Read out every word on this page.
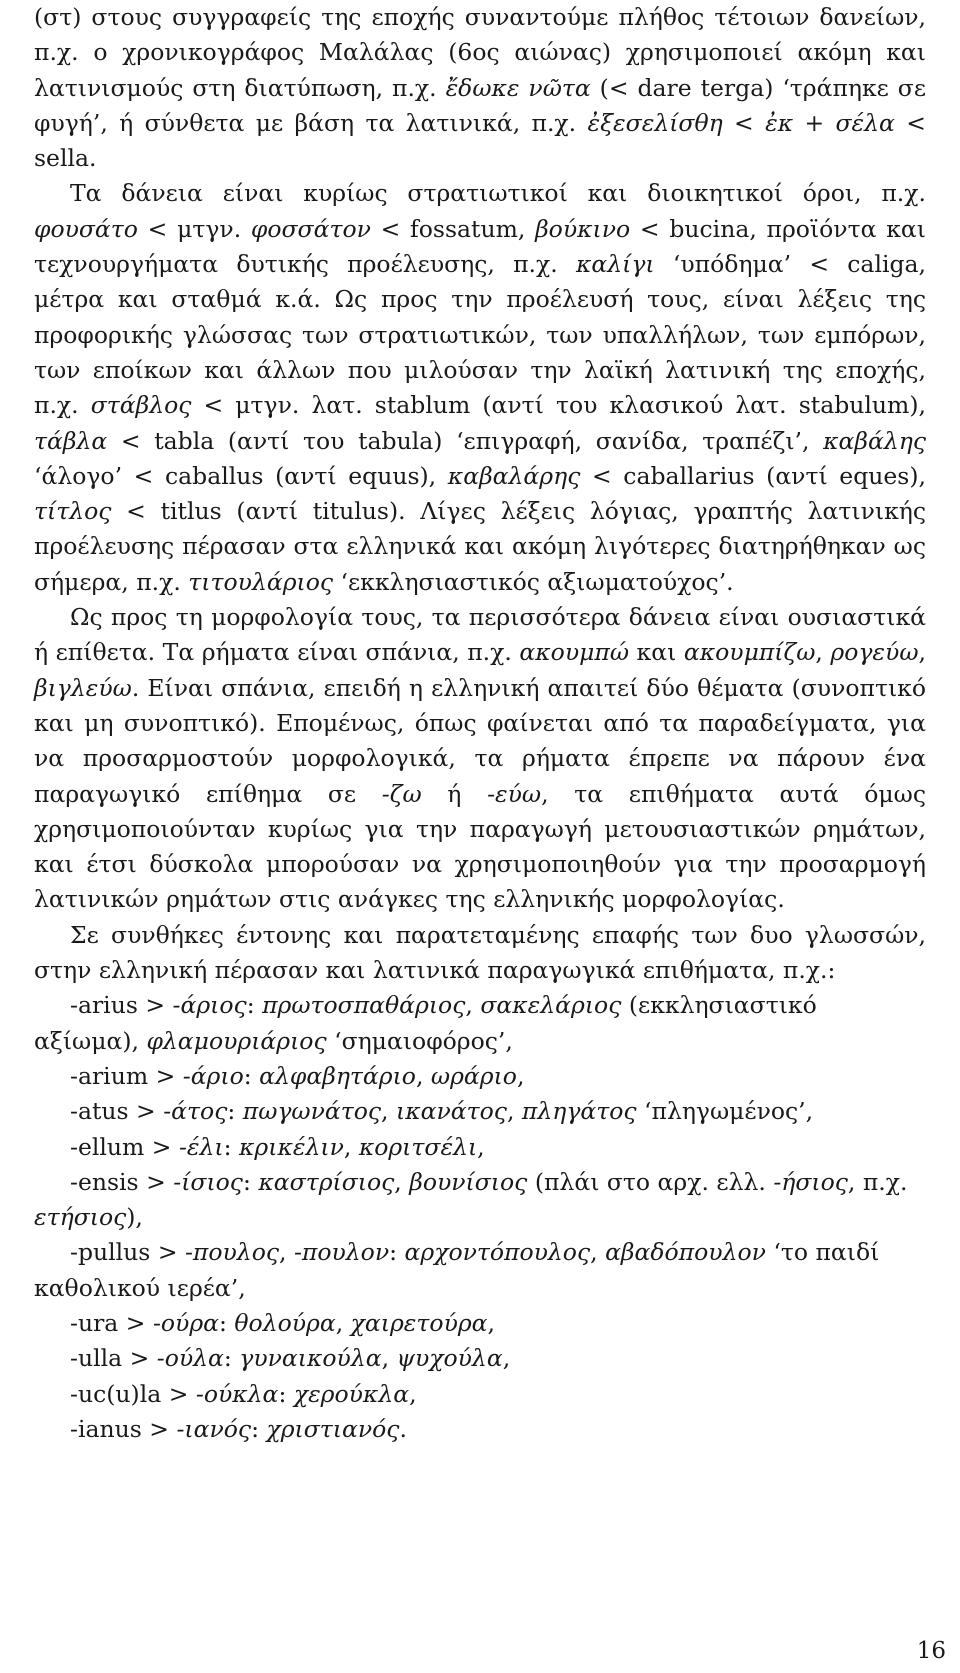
(στ) στους συγγραφείς της εποχής συναντούμε πλήθος τέτοιων δανείων, π.χ. ο χρονικογράφος Μαλάλας (6ος αιώνας) χρησιμοποιεί ακόμη και λατινισμούς στη διατύπωση, π.χ. ἔδωκε νῶτα (< dare terga) ‘τράπηκε σε φυγή’, ή σύνθετα με βάση τα λατινικά, π.χ. ἐξεσελίσθη < ἐκ + σέλα < sella.

Τα δάνεια είναι κυρίως στρατιωτικοί και διοικητικοί όροι, π.χ. φουσάτο < μτγν. φοσσάτον < fossatum, βούκινο < bucina, προϊόντα και τεχνουργήματα δυτικής προέλευσης, π.χ. καλίγι ‘υπόδημα’ < caliga, μέτρα και σταθμά κ.ά. Ως προς την προέλευσή τους, είναι λέξεις της προφορικής γλώσσας των στρατιωτικών, των υπαλλήλων, των εμπόρων, των εποίκων και άλλων που μιλούσαν την λαϊκή λατινική της εποχής, π.χ. στάβλος < μτγν. λατ. stablum (αντί του κλασικού λατ. stabulum), τάβλα < tabla (αντί του tabula) ‘επιγραφή, σανίδα, τραπέζι’, καβάλης ‘άλογο’ < caballus (αντί equus), καβαλάρης < caballarius (αντί eques), τίτλος < titlus (αντί titulus). Λίγες λέξεις λόγιας, γραπτής λατινικής προέλευσης πέρασαν στα ελληνικά και ακόμη λιγότερες διατηρήθηκαν ως σήμερα, π.χ. τιτουλάριος ‘εκκλησιαστικός αξιωματούχος’.

Ως προς τη μορφολογία τους, τα περισσότερα δάνεια είναι ουσιαστικά ή επίθετα. Τα ρήματα είναι σπάνια, π.χ. ακουμπώ και ακουμπίζω, ρογεύω, βιγλεύω. Είναι σπάνια, επειδή η ελληνική απαιτεί δύο θέματα (συνοπτικό και μη συνοπτικό). Επομένως, όπως φαίνεται από τα παραδείγματα, για να προσαρμοστούν μορφολογικά, τα ρήματα έπρεπε να πάρουν ένα παραγωγικό επίθημα σε -ζω ή -εύω, τα επιθήματα αυτά όμως χρησιμοποιούνταν κυρίως για την παραγωγή μετουσιαστικών ρημάτων, και έτσι δύσκολα μπορούσαν να χρησιμοποιηθούν για την προσαρμογή λατινικών ρημάτων στις ανάγκες της ελληνικής μορφολογίας.

Σε συνθήκες έντονης και παρατεταμένης επαφής των δυο γλωσσών, στην ελληνική πέρασαν και λατινικά παραγωγικά επιθήματα, π.χ.:

-arius > -άριος: πρωτοσπαθάριος, σακελάριος (εκκλησιαστικό αξίωμα), φλαμουριάριος ‘σημαιοφόρος’,

-arium > -άριο: αλφαβητάριο, ωράριο,

-atus > -άτος: πωγωνάτος, ικανάτος, πληγάτος ‘πληγωμένος’,

-ellum > -έλι: κρικέλιν, κοριτσέλι,

-ensis > -ίσιος: καστρίσιος, βουνίσιος (πλάι στο αρχ. ελλ. -ήσιος, π.χ. ετήσιος),

-pullus > -πουλος, -πουλον: αρχοντόπουλος, αβαδόπουλον ‘το παιδί καθολικού ιερέα’,

-ura > -ούρα: θολούρα, χαιρετούρα,

-ulla > -ούλα: γυναικούλα, ψυχούλα,

-uc(u)la > -ούκλα: χερούκλα,

-ianus > -ιανός: χριστιανός.

16
